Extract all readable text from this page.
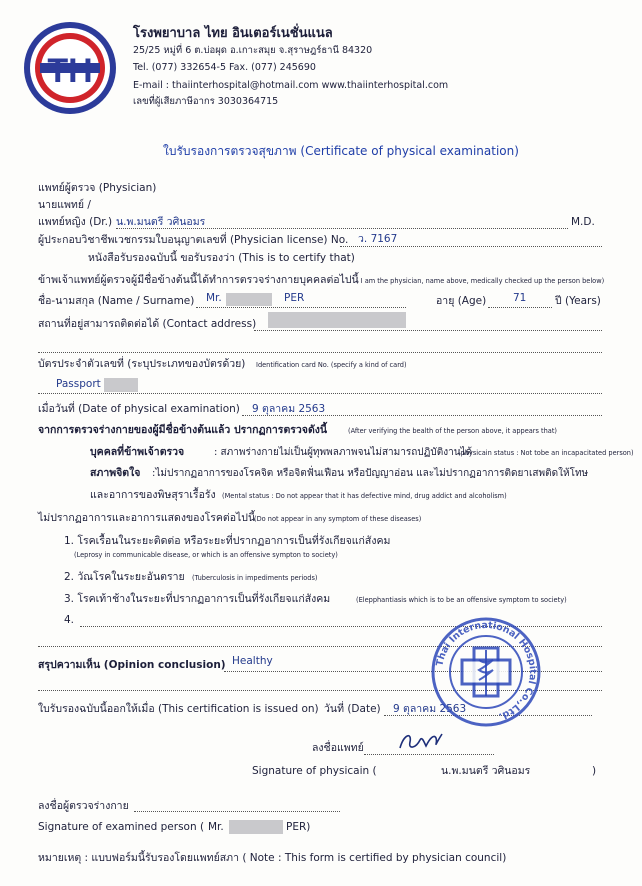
TH
โรงพยาบาล ไทย อินเตอร์เนชั่นแนล
25/25 หมู่ที่ 6 ต.บ่อผุด อ.เกาะสมุย จ.สุราษฎร์ธานี 84320
Tel. (077) 332654-5 Fax. (077) 245690
E-mail : thaiinterhospital@hotmail.com www.thaiinterhospital.com
เลขที่ผู้เสียภาษีอากร 3030364715
ใบรับรองการตรวจสุขภาพ (Certificate of physical examination)
แพทย์ผู้ตรวจ (Physician)
นายแพทย์ /
แพทย์หญิง (Dr.) น.พ.มนตรี วศินอมร	M.D.
ผู้ประกอบวิชาชีพเวชกรรมใบอนุญาตเลขที่ (Physician license) No. ว. 7167
หนังสือรับรองฉบับนี้ ขอรับรองว่า (This is to certify that)
ข้าพเจ้าแพทย์ผู้ตรวจผู้มีชื่อข้างต้นนี้ได้ทำการตรวจร่างกายบุคคลต่อไปนี้
( I am the physician, name above, medically checked up the person below)
ชื่อ-นามสกุล (Name / Surname) Mr.	PER	อายุ (Age)	71	ปี (Years)
สถานที่อยู่สามารถติดต่อได้ (Contact address)
บัตรประจำตัวเลขที่ (ระบุประเภทของบัตรด้วย) Identification card No. (specify a kind of card)
Passport
เมื่อวันที่ (Date of physical examination) 9 ตุลาคม 2563
จากการตรวจร่างกายของผู้มีชื่อข้างต้นแล้ว ปรากฏการตรวจดังนี้	(After verifying the bealth of the person above, it appears that)
บุคคลที่ข้าพเจ้าตรวจ	: สภาพร่างกายไม่เป็นผู้ทุพพลภาพจนไม่สามารถปฏิบัติงานได้
(physicain status : Not tobe an incapacitated person)
สภาพจิตใจ :ไม่ปรากฏอาการของโรคจิต หรือจิตฟั่นเฟือน หรือปัญญาอ่อน และไม่ปรากฏอาการติดยาเสพติดให้โทษ
และอาการของพิษสุราเรื้อรัง (Mental status : Do not appear that it has defective mind, drug addict and alcoholism)
ไม่ปรากฏอาการและอาการแสดงของโรคต่อไปนี้
(Do not appear in any symptom of these diseases)
1. โรคเรื้อนในระยะติดต่อ หรือระยะที่ปรากฏอาการเป็นที่รังเกียจแก่สังคม
(Leprosy in communicable disease, or which is an offensive sympton to society)
2. วัณโรคในระยะอันตราย (Tuberculosis in impediments periods)
3. โรคเท้าช้างในระยะที่ปรากฏอาการเป็นที่รังเกียจแก่สังคม	(Elepphantiasis which is to be an offensive symptom to society)
4.
สรุปความเห็น (Opinion conclusion) Healthy
ใบรับรองฉบับนี้ออกให้เมื่อ (This certification is issued on) วันที่ (Date) 9 ตุลาคม 2563
Thai International Hospital Co.,Ltd.
ลงชื่อแพทย์
Signature of physicain (	น.พ.มนตรี วศินอมร	)
ลงชื่อผู้ตรวจร่างกาย
Signature of examined person ( Mr.	PER)
หมายเหตุ : แบบฟอร์มนี้รับรองโดยแพทย์สภา ( Note : This form is certified by physician council)
